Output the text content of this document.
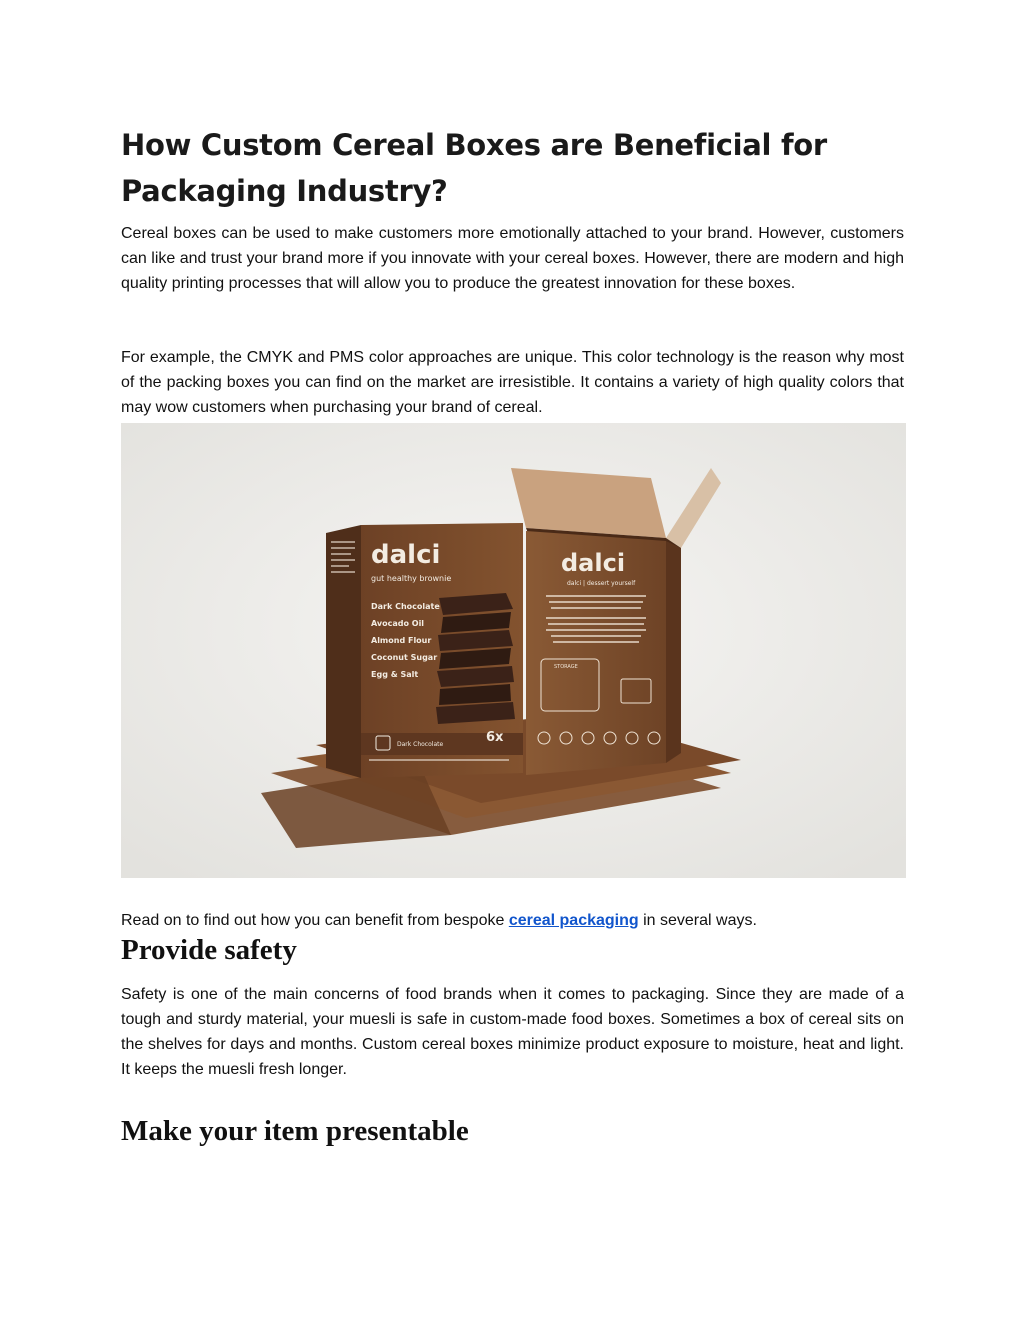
How Custom Cereal Boxes are Beneficial for Packaging Industry?

Cereal boxes can be used to make customers more emotionally attached to your brand. However, customers can like and trust your brand more if you innovate with your cereal boxes. However, there are modern and high quality printing processes that will allow you to produce the greatest innovation for these boxes.

For example, the CMYK and PMS color approaches are unique. This color technology is the reason why most of the packing boxes you can find on the market are irresistible. It contains a variety of high quality colors that may wow customers when purchasing your brand of cereal.

dalci
gut healthy brownie
Dark Chocolate
Avocado Oil
Almond Flour
Coconut Sugar
Egg & Salt
Dark Chocolate	6x
dalci
dalci | dessert yourself
STORAGE

Read on to find out how you can benefit from bespoke cereal packaging in several ways.

Provide safety

Safety is one of the main concerns of food brands when it comes to packaging. Since they are made of a tough and sturdy material, your muesli is safe in custom-made food boxes. Sometimes a box of cereal sits on the shelves for days and months. Custom cereal boxes minimize product exposure to moisture, heat and light. It keeps the muesli fresh longer.

Make your item presentable
